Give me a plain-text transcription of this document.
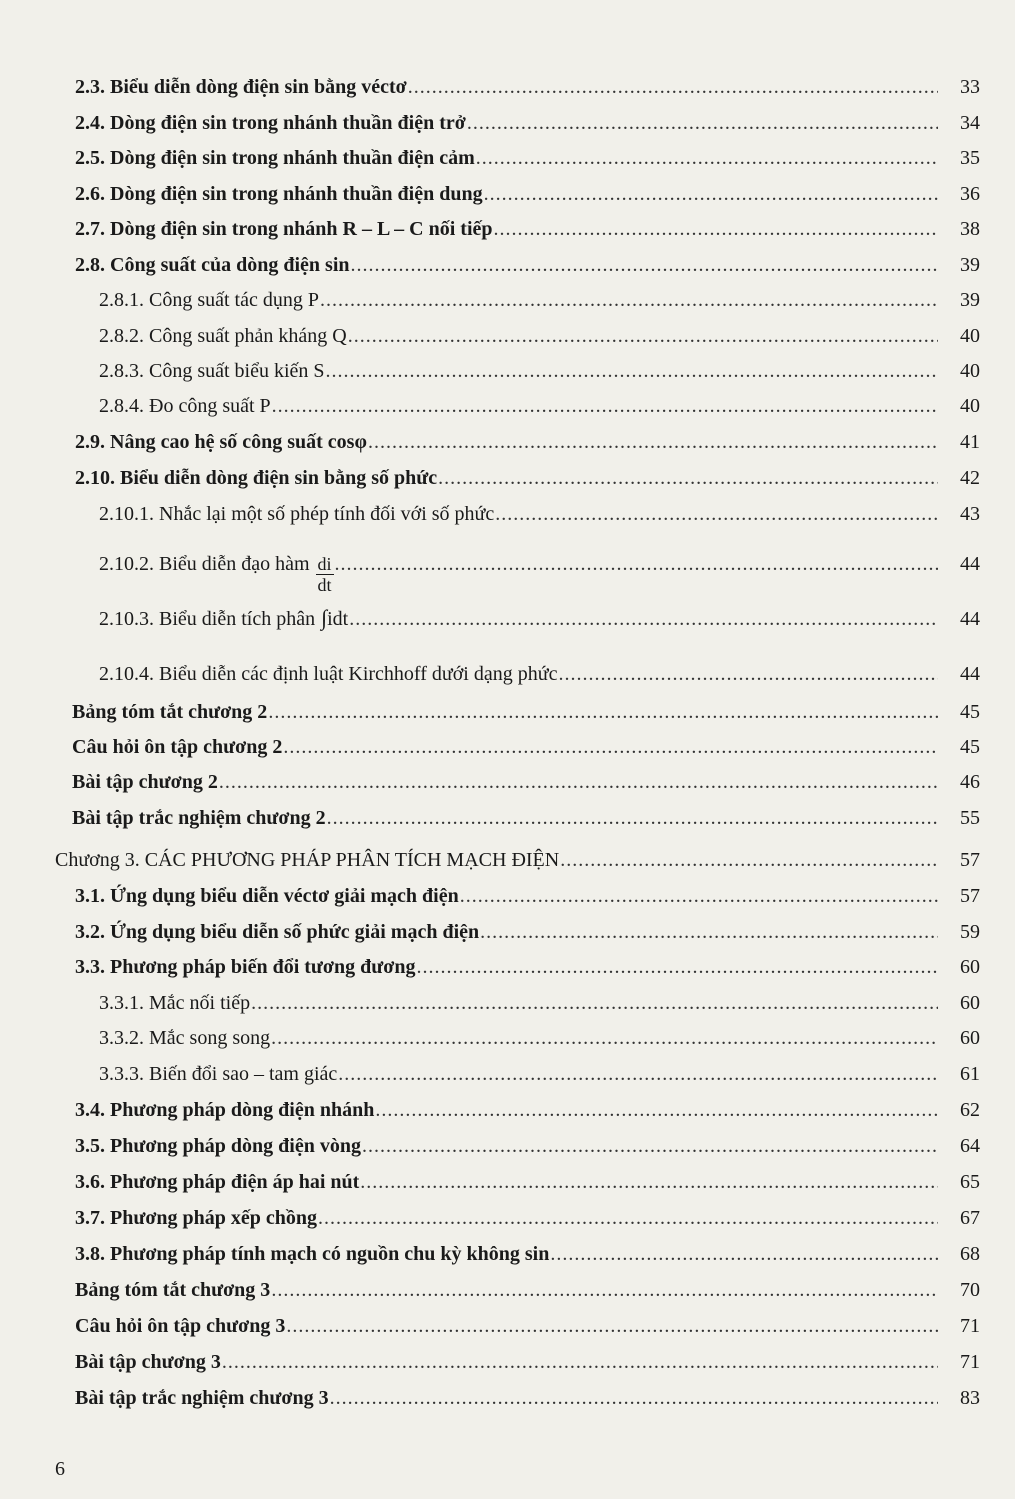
2.3. Biểu diễn dòng điện sin bằng véctơ .....	33
2.4. Dòng điện sin trong nhánh thuần điện trở .....	34
2.5. Dòng điện sin trong nhánh thuần điện cảm .....	35
2.6. Dòng điện sin trong nhánh thuần điện dung .....	36
2.7. Dòng điện sin trong nhánh R – L – C nối tiếp .....	38
2.8. Công suất của dòng điện sin .....	39
2.8.1. Công suất tác dụng P .....	39
2.8.2. Công suất phản kháng Q .....	40
2.8.3. Công suất biểu kiến S .....	40
2.8.4. Đo công suất P .....	40
2.9. Nâng cao hệ số công suất cosφ .....	41
2.10. Biểu diễn dòng điện sin bằng số phức .....	42
2.10.1. Nhắc lại một số phép tính đối với số phức .....	43
2.10.2. Biểu diễn đạo hàm $\frac{di}{dt}$ .....	44
2.10.3. Biểu diễn tích phân ∫ idt .....	44
2.10.4. Biểu diễn các định luật Kirchhoff dưới dạng phức .....	44
Bảng tóm tắt chương 2 .....	45
Câu hỏi ôn tập chương 2 .....	45
Bài tập chương 2 .....	46
Bài tập trắc nghiệm chương 2 .....	55
Chương 3. CÁC PHƯƠNG PHÁP PHÂN TÍCH MẠCH ĐIỆN .....	57
3.1. Ứng dụng biểu diễn véctơ giải mạch điện .....	57
3.2. Ứng dụng biểu diễn số phức giải mạch điện .....	59
3.3. Phương pháp biến đổi tương đương .....	60
3.3.1. Mắc nối tiếp .....	60
3.3.2. Mắc song song .....	60
3.3.3. Biến đổi sao – tam giác .....	61
3.4. Phương pháp dòng điện nhánh .....	62
3.5. Phương pháp dòng điện vòng .....	64
3.6. Phương pháp điện áp hai nút .....	65
3.7. Phương pháp xếp chồng .....	67
3.8. Phương pháp tính mạch có nguồn chu kỳ không sin .....	68
Bảng tóm tắt chương 3 .....	70
Câu hỏi ôn tập chương 3 .....	71
Bài tập chương 3 .....	71
Bài tập trắc nghiệm chương 3 .....	83
6
